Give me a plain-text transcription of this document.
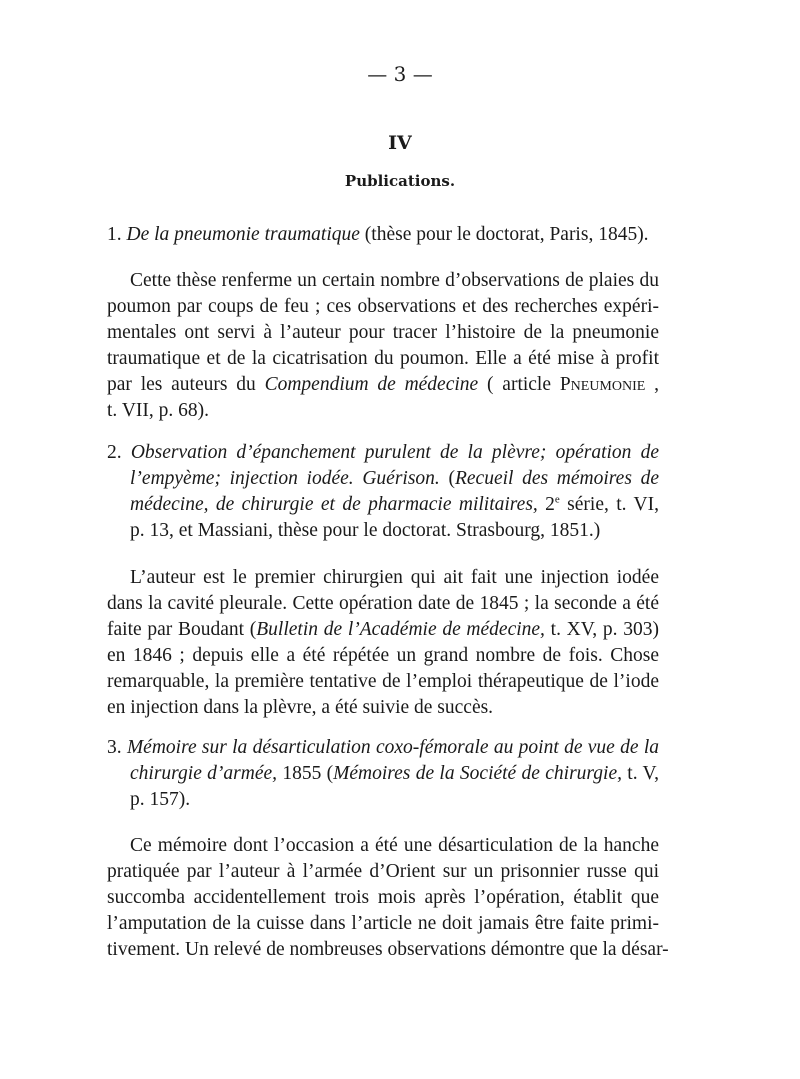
— 3 —
IV
Publications.
1. De la pneumonie traumatique (thèse pour le doctorat, Paris, 1845).
Cette thèse renferme un certain nombre d’observations de plaies du
poumon par coups de feu ; ces observations et des recherches expéri-
mentales ont servi à l’auteur pour tracer l’histoire de la pneumonie
traumatique et de la cicatrisation du poumon. Elle a été mise à profit
par les auteurs du Compendium de médecine ( article Pneumonie ,
t. VII, p. 68).
2. Observation d’épanchement purulent de la plèvre; opération de
l’empyème; injection iodée. Guérison. (Recueil des mémoires de
médecine, de chirurgie et de pharmacie militaires, 2e série, t. VI,
p. 13, et Massiani, thèse pour le doctorat. Strasbourg, 1851.)
L’auteur est le premier chirurgien qui ait fait une injection iodée
dans la cavité pleurale. Cette opération date de 1845 ; la seconde a été
faite par Boudant (Bulletin de l’Académie de médecine, t. XV, p. 303)
en 1846 ; depuis elle a été répétée un grand nombre de fois. Chose
remarquable, la première tentative de l’emploi thérapeutique de l’iode
en injection dans la plèvre, a été suivie de succès.
3. Mémoire sur la désarticulation coxo-fémorale au point de vue de la
chirurgie d’armée, 1855 (Mémoires de la Société de chirurgie, t. V,
p. 157).
Ce mémoire dont l’occasion a été une désarticulation de la hanche
pratiquée par l’auteur à l’armée d’Orient sur un prisonnier russe qui
succomba accidentellement trois mois après l’opération, établit que
l’amputation de la cuisse dans l’article ne doit jamais être faite primi-
tivement. Un relevé de nombreuses observations démontre que la désar-
